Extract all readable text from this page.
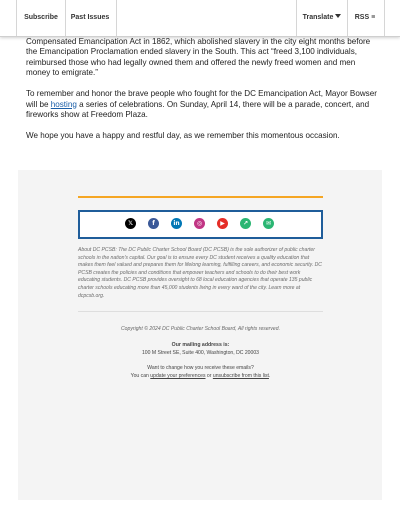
Subscribe	Past Issues	Translate	RSS ≡

Compensated Emancipation Act in 1862, which abolished slavery in the city eight months before the Emancipation Proclamation ended slavery in the South. This act “freed 3,100 individuals, reimbursed those who had legally owned them and offered the newly freed women and men money to emigrate.”

To remember and honor the brave people who fought for the DC Emancipation Act, Mayor Bowser will be hosting a series of celebrations. On Sunday, April 14, there will be a parade, concert, and fireworks show at Freedom Plaza.

We hope you have a happy and restful day, as we remember this momentous occasion.

𝕏	f	in	◎	▶	↗	✉

About DC PCSB: The DC Public Charter School Board (DC PCSB) is the sole authorizer of public charter schools in the nation's capital. Our goal is to ensure every DC student receives a quality education that makes them feel valued and prepares them for lifelong learning, fulfilling careers, and economic security. DC PCSB creates the policies and conditions that empower teachers and schools to do their best work educating students. DC PCSB provides oversight to 68 local education agencies that operate 135 public charter schools educating more than 45,000 students living in every ward of the city. Learn more at dcpcsb.org.

Copyright © 2024 DC Public Charter School Board, All rights reserved.
Our mailing address is:
100 M Street SE, Suite 400, Washington, DC 20003
Want to change how you receive these emails?
You can update your preferences or unsubscribe from this list.
